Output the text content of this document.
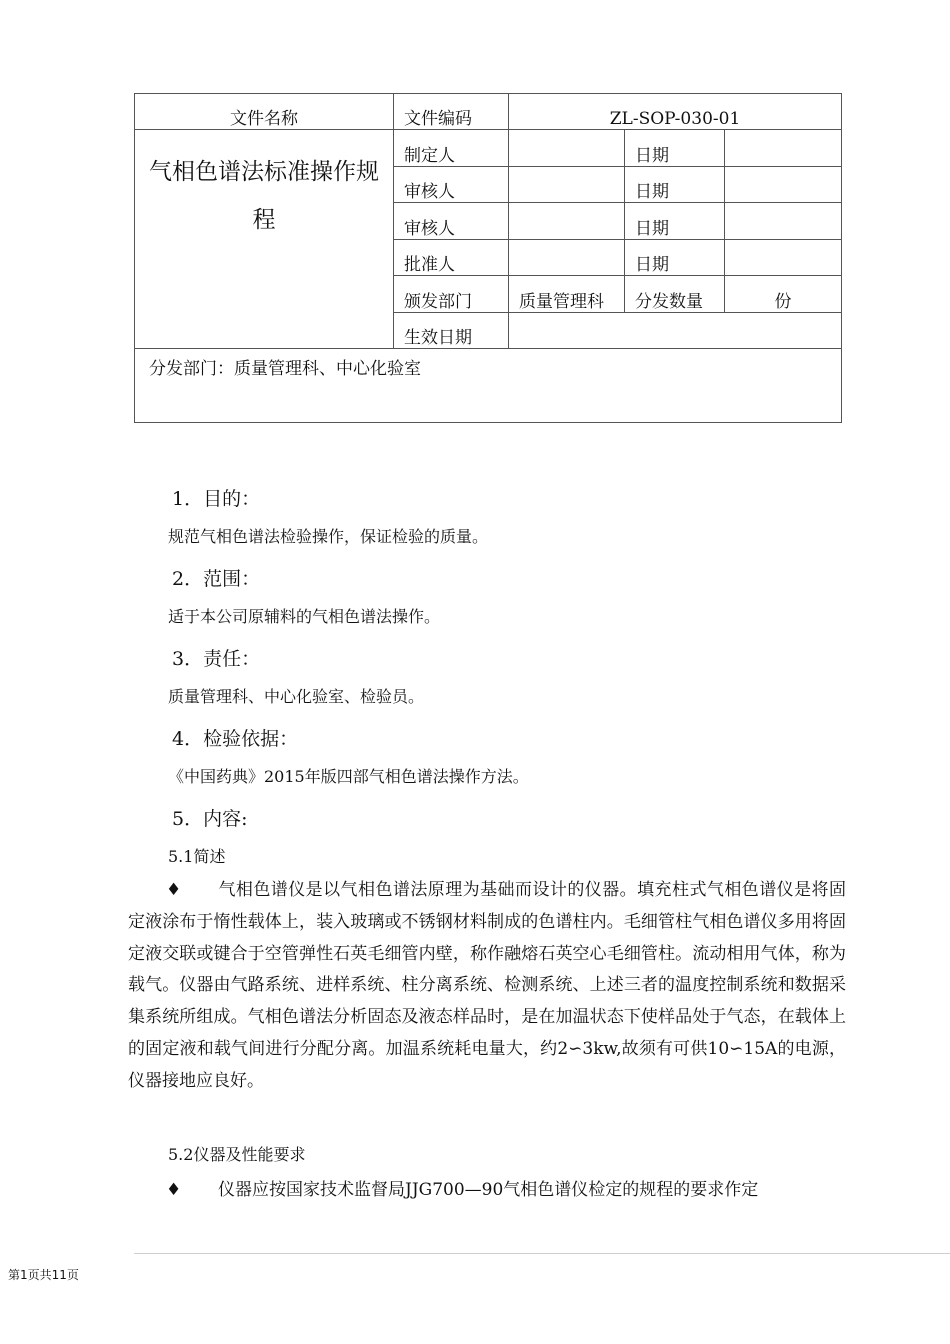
文件名称	文件编码	ZL-SOP-030-01		
气相色谱法标准操作规程	制定人		日期	
	审核人		日期	
	审核人		日期	
	批准人		日期	
	颁发部门	质量管理科	分发数量	份
	生效日期			
分发部门：质量管理科、中心化验室				
1．目的：
规范气相色谱法检验操作，保证检验的质量。
2．范围：
适于本公司原辅料的气相色谱法操作。
3．责任：
质量管理科、中心化验室、检验员。
4．检验依据：
《中国药典》2015年版四部气相色谱法操作方法。
5．内容:
5.1简述
♦ 气相色谱仪是以气相色谱法原理为基础而设计的仪器。填充柱式气相色谱仪是将固定液涂布于惰性载体上，装入玻璃或不锈钢材料制成的色谱柱内。毛细管柱气相色谱仪多用将固定液交联或键合于空管弹性石英毛细管内壁，称作融熔石英空心毛细管柱。流动相用气体，称为载气。仪器由气路系统、进样系统、柱分离系统、检测系统、上述三者的温度控制系统和数据采集系统所组成。气相色谱法分析固态及液态样品时，是在加温状态下使样品处于气态，在载体上的固定液和载气间进行分配分离。加温系统耗电量大，约2∽3kw,故须有可供10∽15A的电源，仪器接地应良好。
5.2仪器及性能要求
♦ 仪器应按国家技术监督局JJG700—90气相色谱仪检定的规程的要求作定
第1页共11页
